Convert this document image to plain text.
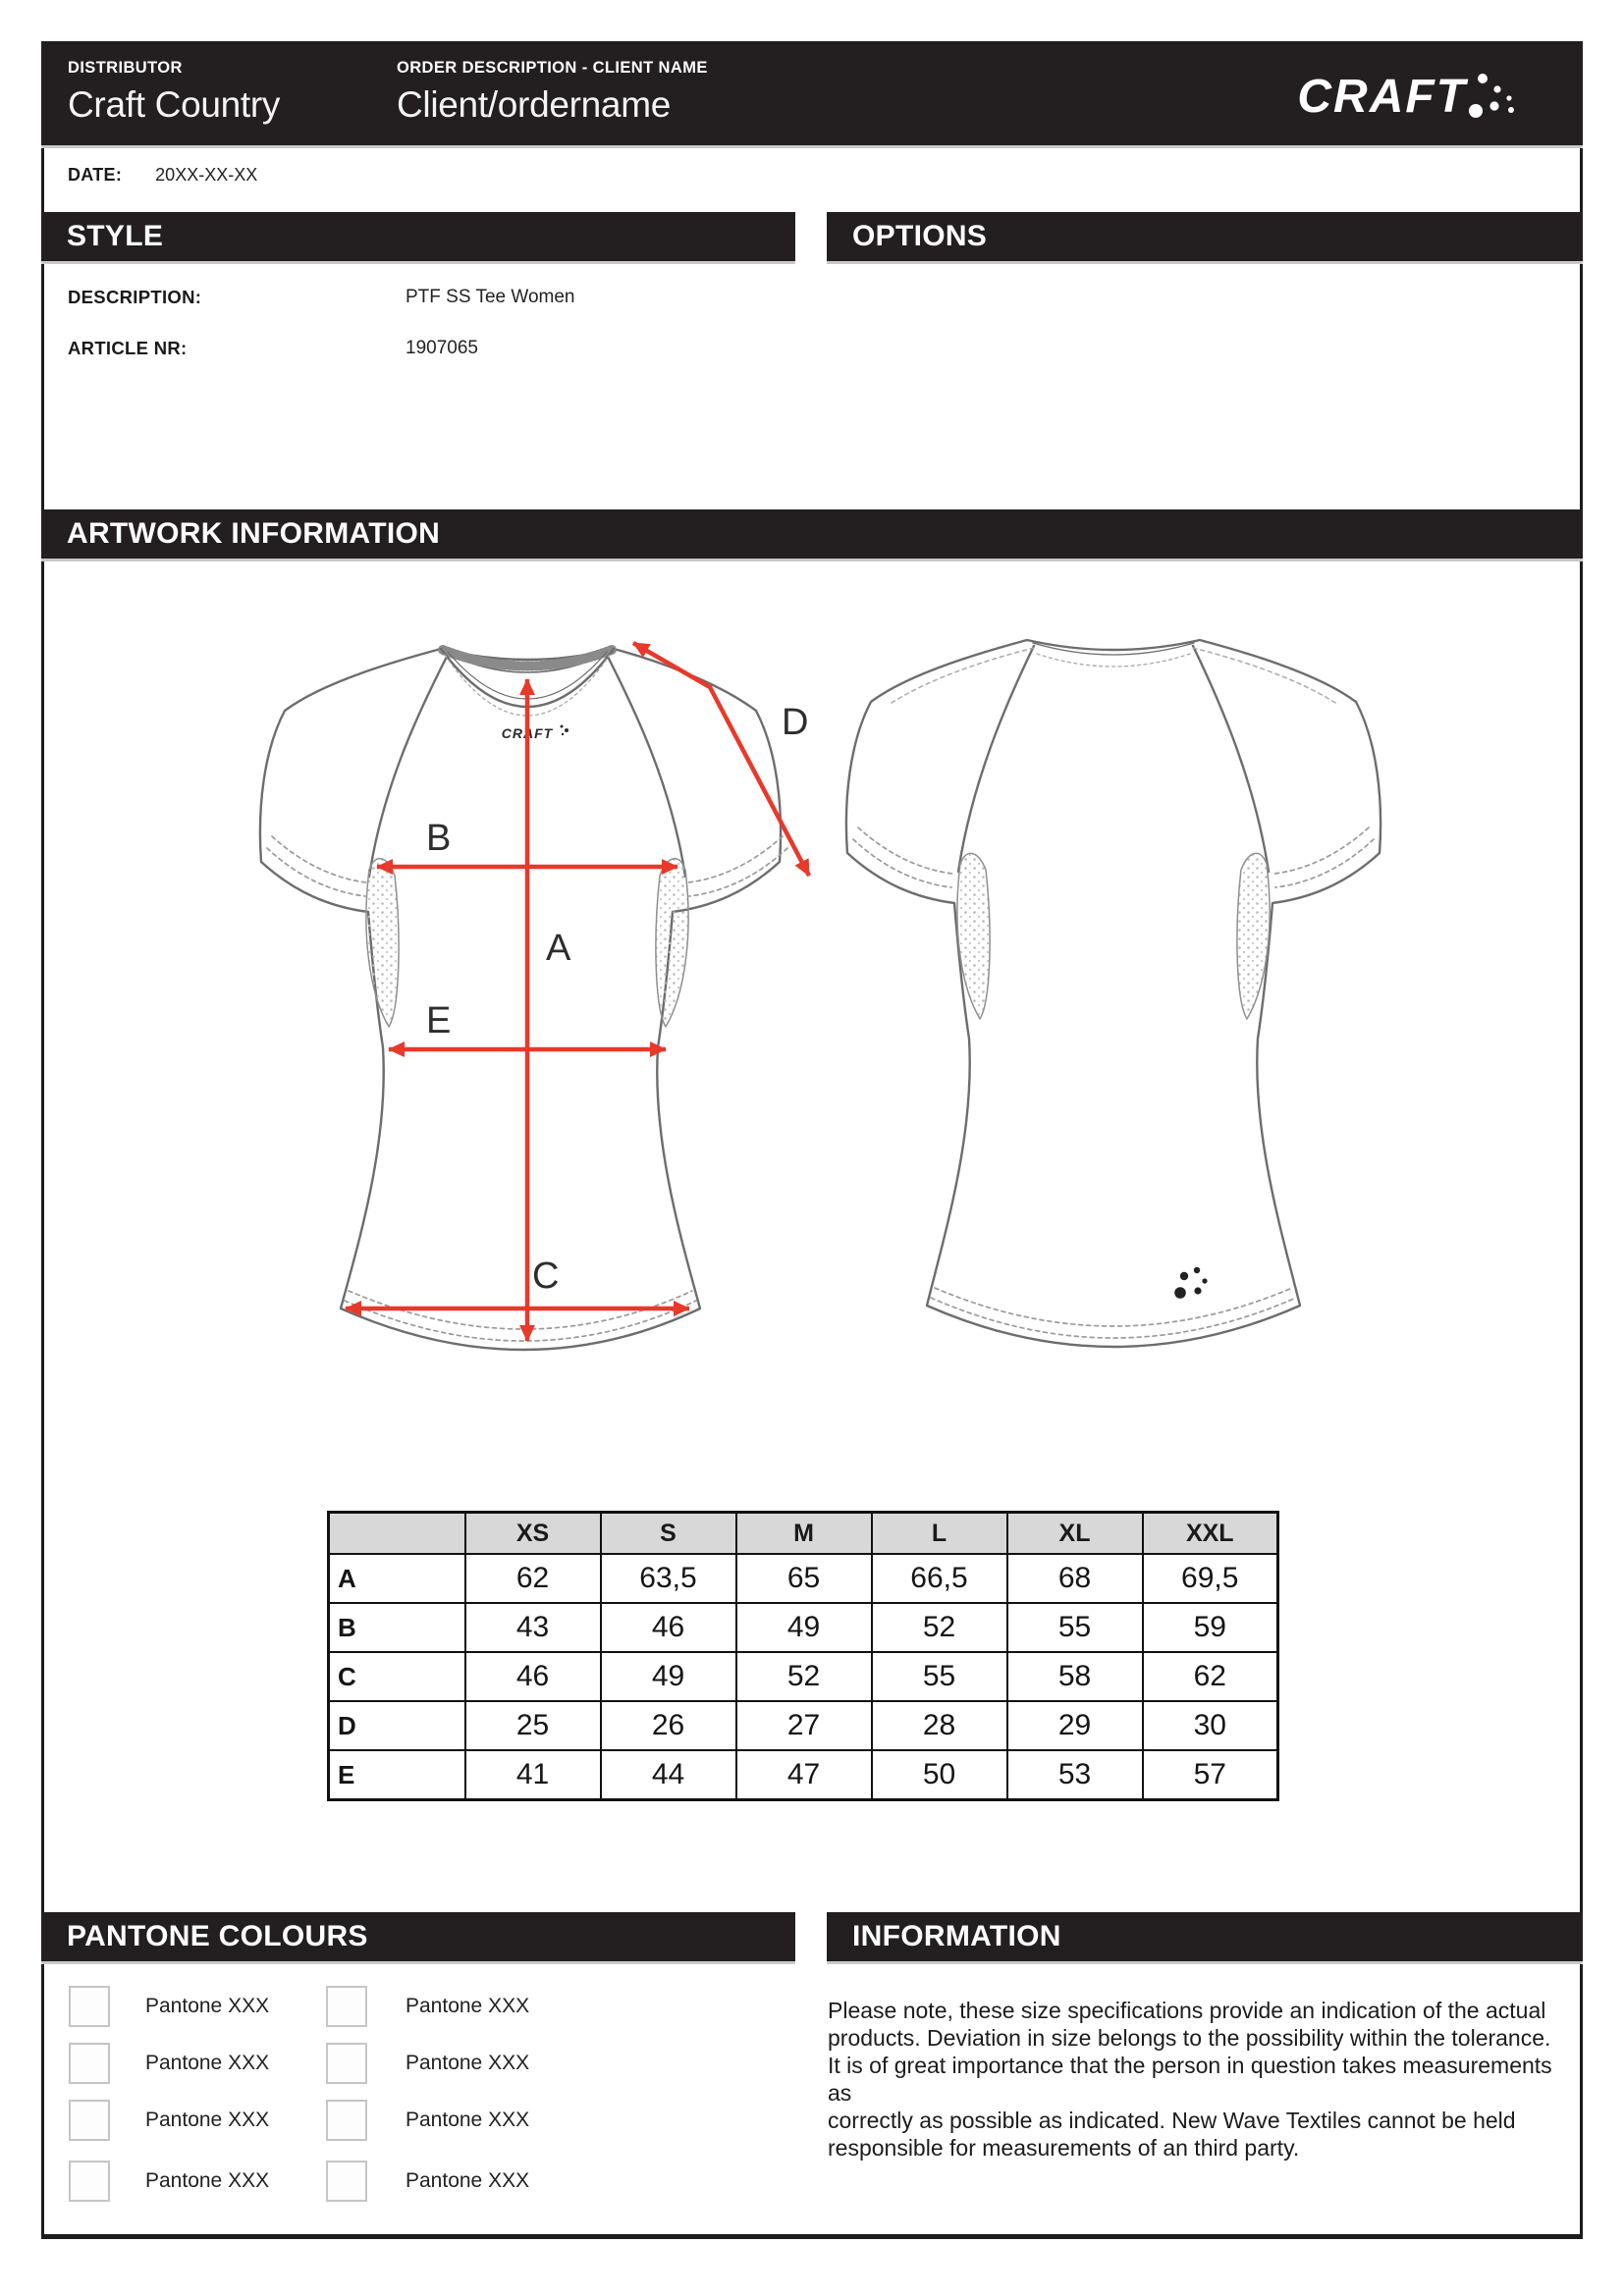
DISTRIBUTOR
Craft Country
ORDER DESCRIPTION - CLIENT NAME
Client/ordername	CRAFT
DATE: 20XX-XX-XX
STYLE	OPTIONS
DESCRIPTION:	PTF SS Tee Women
ARTICLE NR:	1907065
ARTWORK INFORMATION
CRAFT
A
B
C
D
E
	XS	S	M	L	XL	XXL
A	62	63,5	65	66,5	68	69,5
B	43	46	49	52	55	59
C	46	49	52	55	58	62
D	25	26	27	28	29	30
E	41	44	47	50	53	57
PANTONE COLOURS	INFORMATION
Pantone XXX	Pantone XXX
Pantone XXX	Pantone XXX
Pantone XXX	Pantone XXX
Pantone XXX	Pantone XXX
Please note, these size specifications provide an indication of the actual
products. Deviation in size belongs to the possibility within the tolerance.
It is of great importance that the person in question takes measurements as
correctly as possible as indicated. New Wave Textiles cannot be held
responsible for measurements of an third party.
